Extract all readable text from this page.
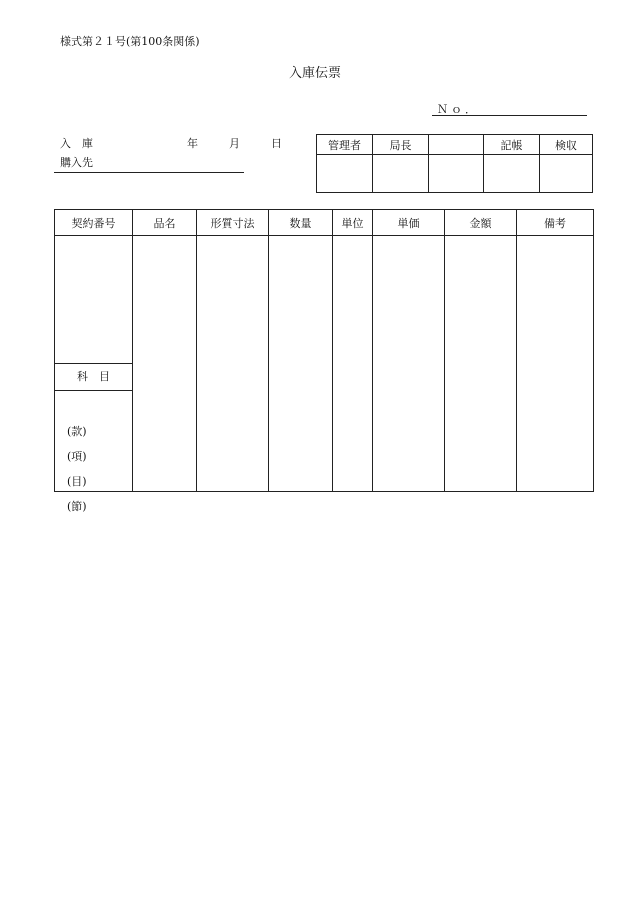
様式第２１号(第100条関係)
入庫伝票
Ｎｏ．
入　庫	年	月	日
購入先
管理者	局長		記帳	検収

契約番号	品名	形質寸法	数量	単位	単価	金額	備考

科　目
(款)
(項)
(目)
(節)							
